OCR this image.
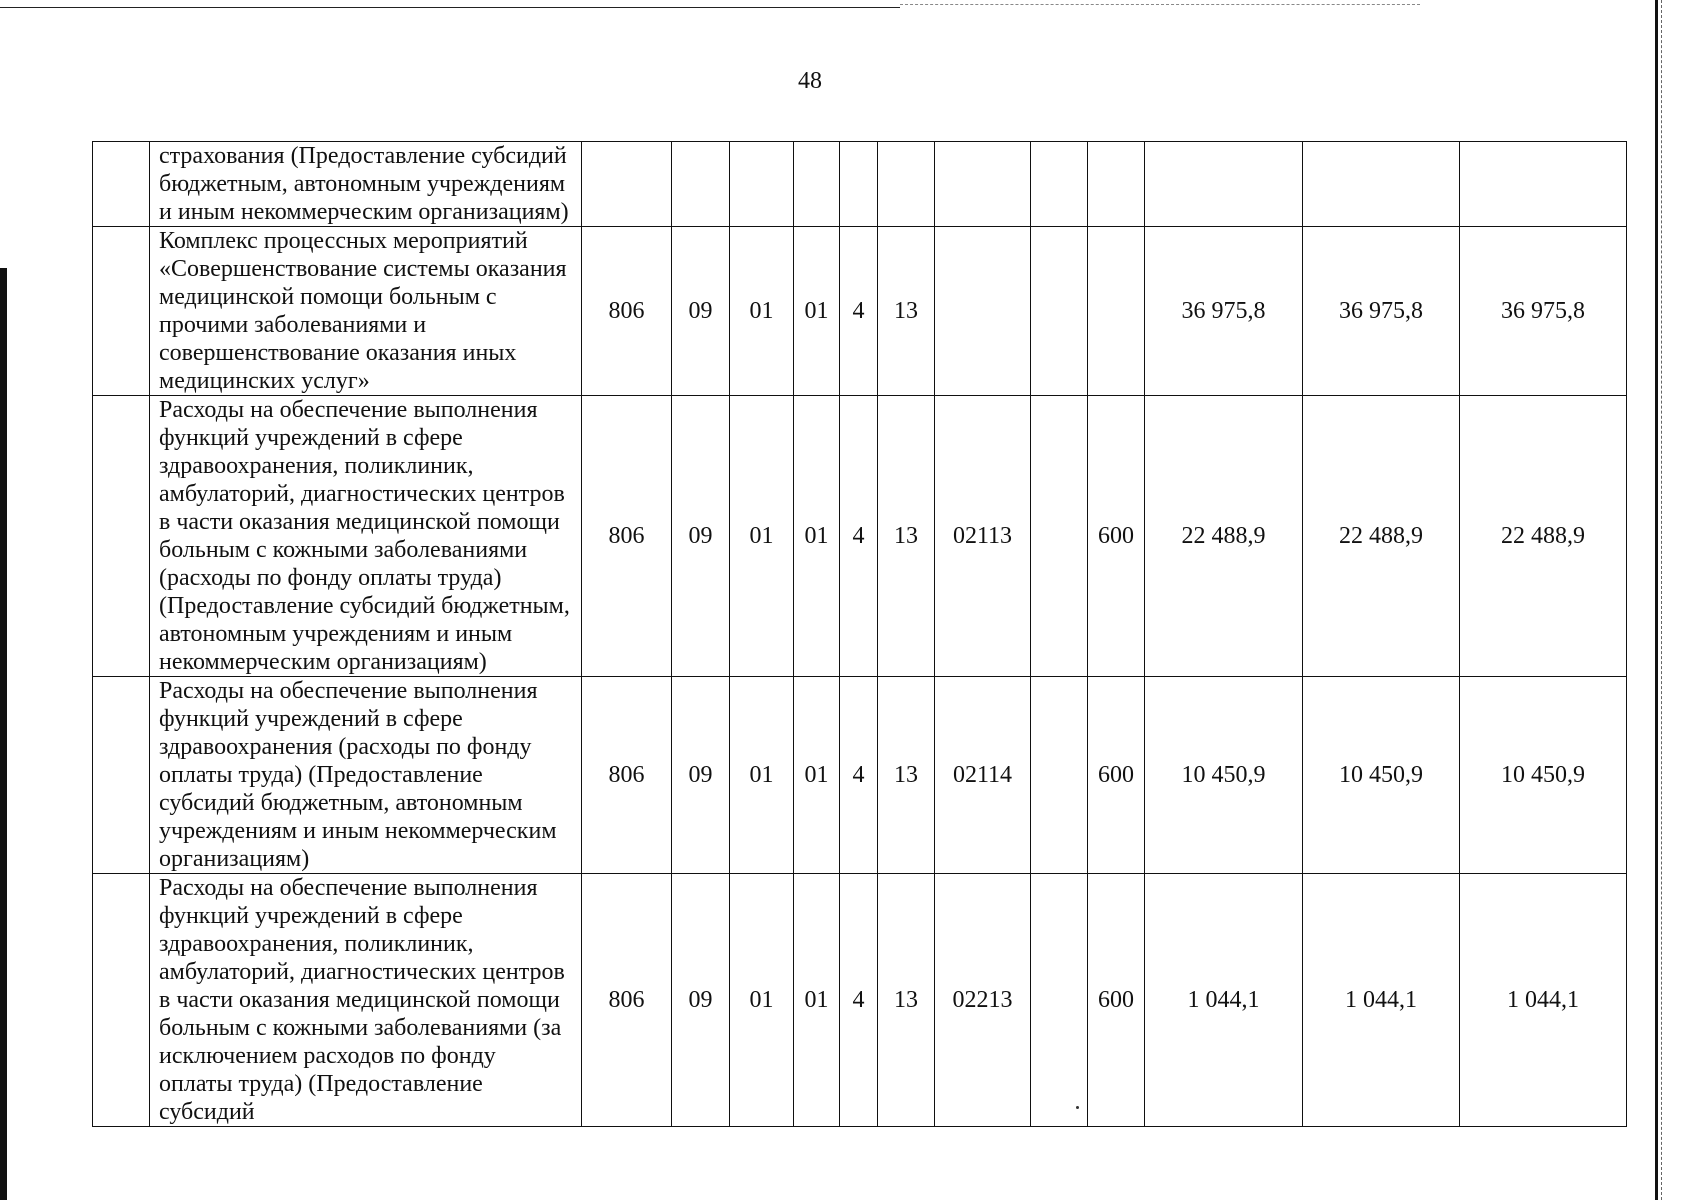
48
	страхования (Предоставление субсидий бюджетным, автономным учреждениям и иным некоммерческим организациям)												
	Комплекс процессных мероприятий «Совершенствование системы оказания медицинской помощи больным с прочими заболеваниями и совершенствование оказания иных медицинских услуг»	806	09	01	01	4	13				36 975,8	36 975,8	36 975,8
	Расходы на обеспечение выполнения функций учреждений в сфере здравоохранения, поликлиник, амбулаторий, диагностических центров в части оказания медицинской помощи больным с кожными заболеваниями (расходы по фонду оплаты труда) (Предоставление субсидий бюджетным, автономным учреждениям и иным некоммерческим организациям)	806	09	01	01	4	13	02113		600	22 488,9	22 488,9	22 488,9
	Расходы на обеспечение выполнения функций учреждений в сфере здравоохранения (расходы по фонду оплаты труда) (Предоставление субсидий бюджетным, автономным учреждениям и иным некоммерческим организациям)	806	09	01	01	4	13	02114		600	10 450,9	10 450,9	10 450,9
	Расходы на обеспечение выполнения функций учреждений в сфере здравоохранения, поликлиник, амбулаторий, диагностических центров в части оказания медицинской помощи больным с кожными заболеваниями (за исключением расходов по фонду оплаты труда) (Предоставление субсидий	806	09	01	01	4	13	02213		600	1 044,1	1 044,1	1 044,1
